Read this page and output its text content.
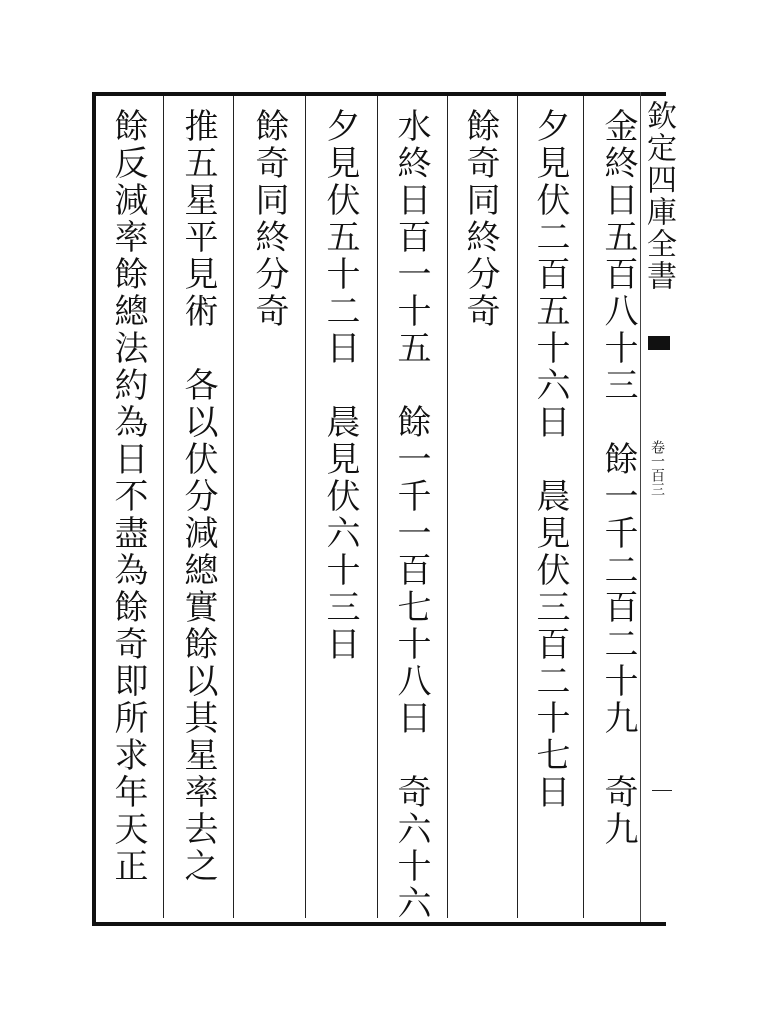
欽定四庫全書
卷一百三
金終日五百八十三　餘一千二百二十九　奇九
夕見伏二百五十六日　晨見伏三百二十七日
餘奇同終分奇
水終日百一十五　餘一千一百七十八日　奇六十六
夕見伏五十二日　晨見伏六十三日
餘奇同終分奇
推五星平見術　各以伏分減總實餘以其星率去之
餘反減率餘總法約為日不盡為餘奇即所求年天正
